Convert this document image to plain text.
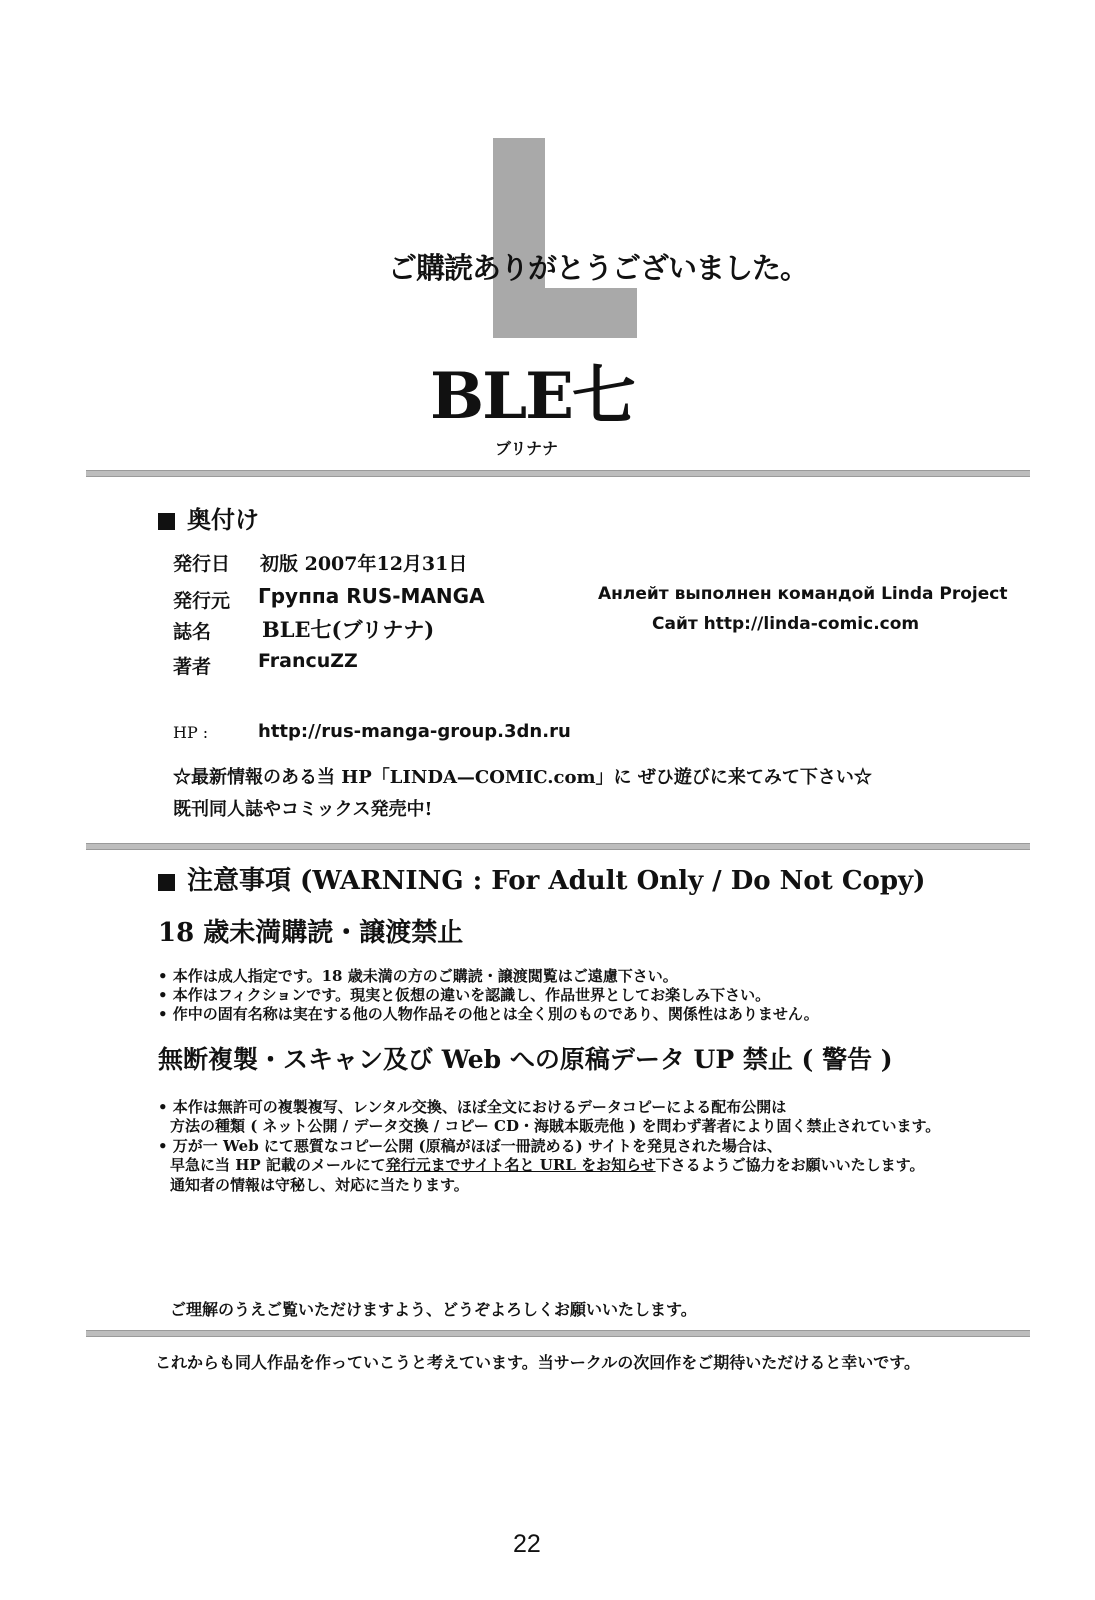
ご購読ありがとうございました。
BLE七
ブリナナ
奥付け
発行日 初版 2007年12月31日
発行元 Группа RUS-MANGA
誌名 BLE七(ブリナナ)
著者 FrancuZZ
Анлейт выполнен командой Linda Project
Сайт http://linda-comic.com
HP :	http://rus-manga-group.3dn.ru
☆最新情報のある当 HP「LINDA—COMIC.com」に ぜひ遊びに来てみて下さい☆
既刊同人誌やコミックス発売中!
注意事項 (WARNING : For Adult Only / Do Not Copy)
18 歳未満購読・譲渡禁止
• 本作は成人指定です。18 歳未満の方のご購読・譲渡閲覧はご遠慮下さい。
• 本作はフィクションです。現実と仮想の違いを認識し、作品世界としてお楽しみ下さい。
• 作中の固有名称は実在する他の人物作品その他とは全く別のものであり、関係性はありません。
無断複製・スキャン及び Web への原稿データ UP 禁止 ( 警告 )
• 本作は無許可の複製複写、レンタル交換、ほぼ全文におけるデータコピーによる配布公開は
方法の種類 ( ネット公開 / データ交換 / コピー CD・海賊本販売他 ) を問わず著者により固く禁止されています。
• 万が一 Web にて悪質なコピー公開 (原稿がほぼ一冊読める) サイトを発見された場合は、
早急に当 HP 記載のメールにて発行元までサイト名と URL をお知らせ下さるようご協力をお願いいたします。
通知者の情報は守秘し、対応に当たります。
ご理解のうえご覧いただけますよう、どうぞよろしくお願いいたします。
これからも同人作品を作っていこうと考えています。当サークルの次回作をご期待いただけると幸いです。
22
